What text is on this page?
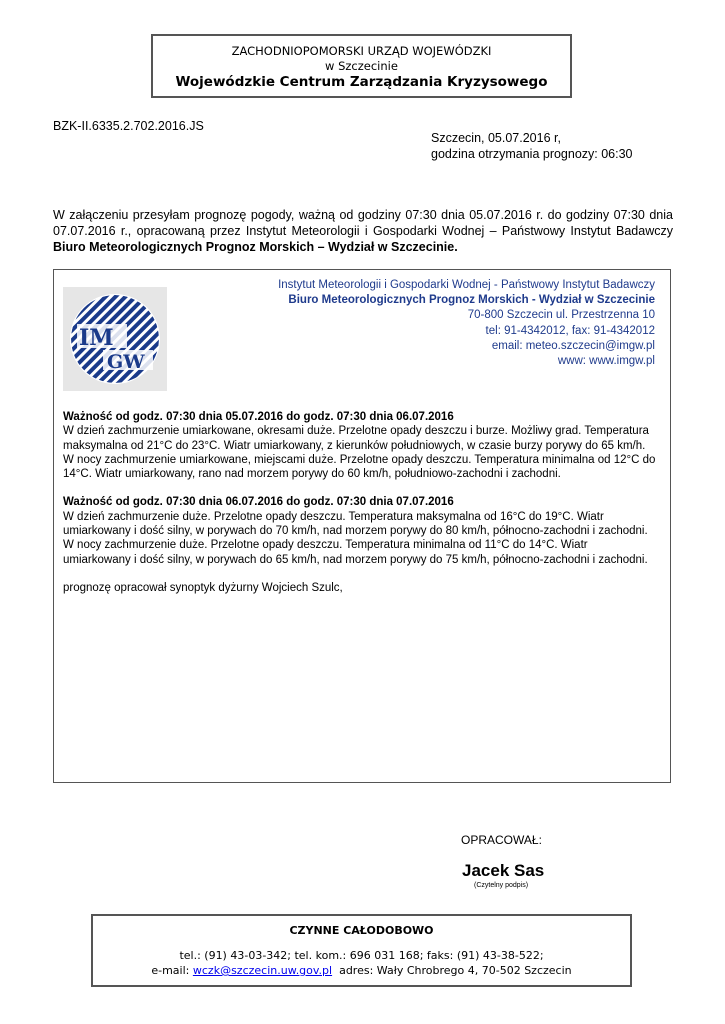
ZACHODNIOPOMORSKI URZĄD WOJEWÓDZKI
w Szczecinie
Wojewódzkie Centrum Zarządzania Kryzysowego
BZK-II.6335.2.702.2016.JS
Szczecin, 05.07.2016 r,
godzina otrzymania prognozy: 06:30
W załączeniu przesyłam prognozę pogody, ważną od godziny 07:30 dnia 05.07.2016 r. do godziny 07:30 dnia 07.07.2016 r., opracowaną przez Instytut Meteorologii i Gospodarki Wodnej – Państwowy Instytut Badawczy Biuro Meteorologicznych Prognoz Morskich – Wydział w Szczecinie.
IM
GW
Instytut Meteorologii i Gospodarki Wodnej - Państwowy Instytut Badawczy
Biuro Meteorologicznych Prognoz Morskich - Wydział w Szczecinie
70-800 Szczecin ul. Przestrzenna 10
tel: 91-4342012, fax: 91-4342012
email: meteo.szczecin@imgw.pl
www: www.imgw.pl

Ważność od godz. 07:30 dnia 05.07.2016 do godz. 07:30 dnia 06.07.2016

W dzień zachmurzenie umiarkowane, okresami duże. Przelotne opady deszczu i burze. Możliwy grad. Temperatura maksymalna od 21°C do 23°C. Wiatr umiarkowany, z kierunków południowych, w czasie burzy porywy do 65 km/h.

W nocy zachmurzenie umiarkowane, miejscami duże. Przelotne opady deszczu. Temperatura minimalna od 12°C do 14°C. Wiatr umiarkowany, rano nad morzem porywy do 60 km/h, południowo-zachodni i zachodni.

Ważność od godz. 07:30 dnia 06.07.2016 do godz. 07:30 dnia 07.07.2016

W dzień zachmurzenie duże. Przelotne opady deszczu. Temperatura maksymalna od 16°C do 19°C. Wiatr umiarkowany i dość silny, w porywach do 70 km/h, nad morzem porywy do 80 km/h, północno-zachodni i zachodni.

W nocy zachmurzenie duże. Przelotne opady deszczu. Temperatura minimalna od 11°C do 14°C. Wiatr umiarkowany i dość silny, w porywach do 65 km/h, nad morzem porywy do 75 km/h, północno-zachodni i zachodni.

prognozę opracował synoptyk dyżurny Wojciech Szulc,

OPRACOWAŁ:
Jacek Sas
(Czytelny podpis)
CZYNNE CAŁODOBOWO
tel.: (91) 43-03-342; tel. kom.: 696 031 168; faks: (91) 43-38-522;
e-mail: wczk@szczecin.uw.gov.pl  adres: Wały Chrobrego 4, 70-502 Szczecin
